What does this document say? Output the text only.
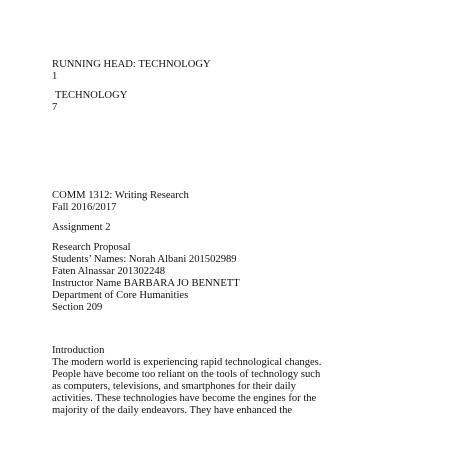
RUNNING HEAD: TECHNOLOGY

1

TECHNOLOGY

7

COMM 1312: Writing Research

Fall 2016/2017

Assignment 2

Research Proposal

Students’ Names: Norah Albani 201502989

Faten Alnassar 201302248

Instructor Name BARBARA JO BENNETT

Department of Core Humanities

Section 209

Introduction

The modern world is experiencing rapid technological changes.

People have become too reliant on the tools of technology such

as computers, televisions, and smartphones for their daily

activities. These technologies have become the engines for the

majority of the daily endeavors. They have enhanced the
